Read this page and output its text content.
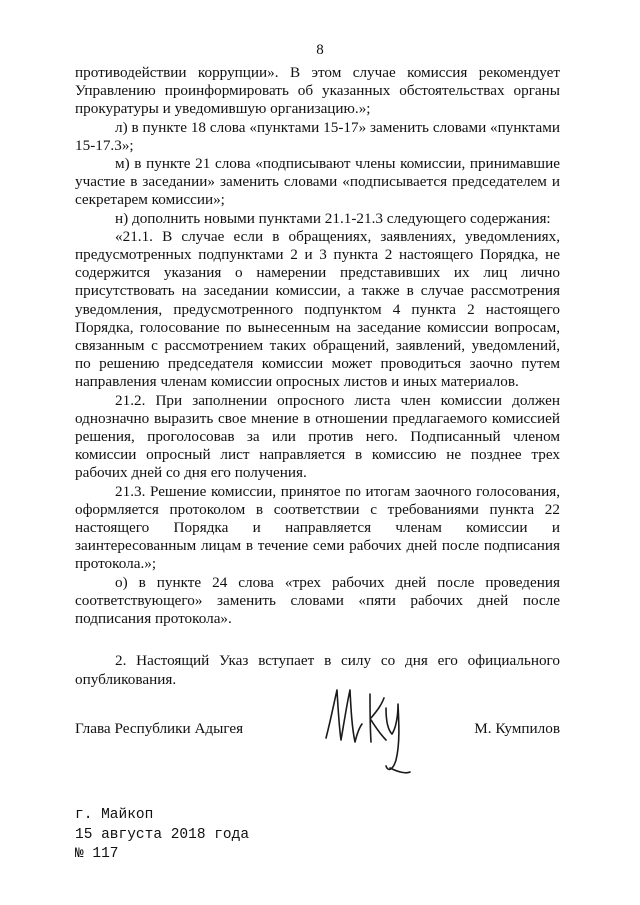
8

противодействии коррупции». В этом случае комиссия рекомендует Управлению проинформировать об указанных обстоятельствах органы прокуратуры и уведомившую организацию.»;

л) в пункте 18 слова «пунктами 15-17» заменить словами «пунктами 15-17.3»;

м) в пункте 21 слова «подписывают члены комиссии, принимавшие участие в заседании» заменить словами «подписывается председателем и секретарем комиссии»;

н) дополнить новыми пунктами 21.1-21.3 следующего содержания:

«21.1. В случае если в обращениях, заявлениях, уведомлениях, предусмотренных подпунктами 2 и 3 пункта 2 настоящего Порядка, не содержится указания о намерении представивших их лиц лично присутствовать на заседании комиссии, а также в случае рассмотрения уведомления, предусмотренного подпунктом 4 пункта 2 настоящего Порядка, голосование по вынесенным на заседание комиссии вопросам, связанным с рассмотрением таких обращений, заявлений, уведомлений, по решению председателя комиссии может проводиться заочно путем направления членам комиссии опросных листов и иных материалов.

21.2. При заполнении опросного листа член комиссии должен однозначно выразить свое мнение в отношении предлагаемого комиссией решения, проголосовав за или против него. Подписанный членом комиссии опросный лист направляется в комиссию не позднее трех рабочих дней со дня его получения.

21.3. Решение комиссии, принятое по итогам заочного голосования, оформляется протоколом в соответствии с требованиями пункта 22 настоящего Порядка и направляется членам комиссии и заинтересованным лицам в течение семи рабочих дней после подписания протокола.»;

о) в пункте 24 слова «трех рабочих дней после проведения соответствующего» заменить словами «пяти рабочих дней после подписания протокола».

2. Настоящий Указ вступает в силу со дня его официального опубликования.

Глава Республики Адыгея	М. Кумпилов
г. Майкоп
15 августа 2018 года
№ 117
